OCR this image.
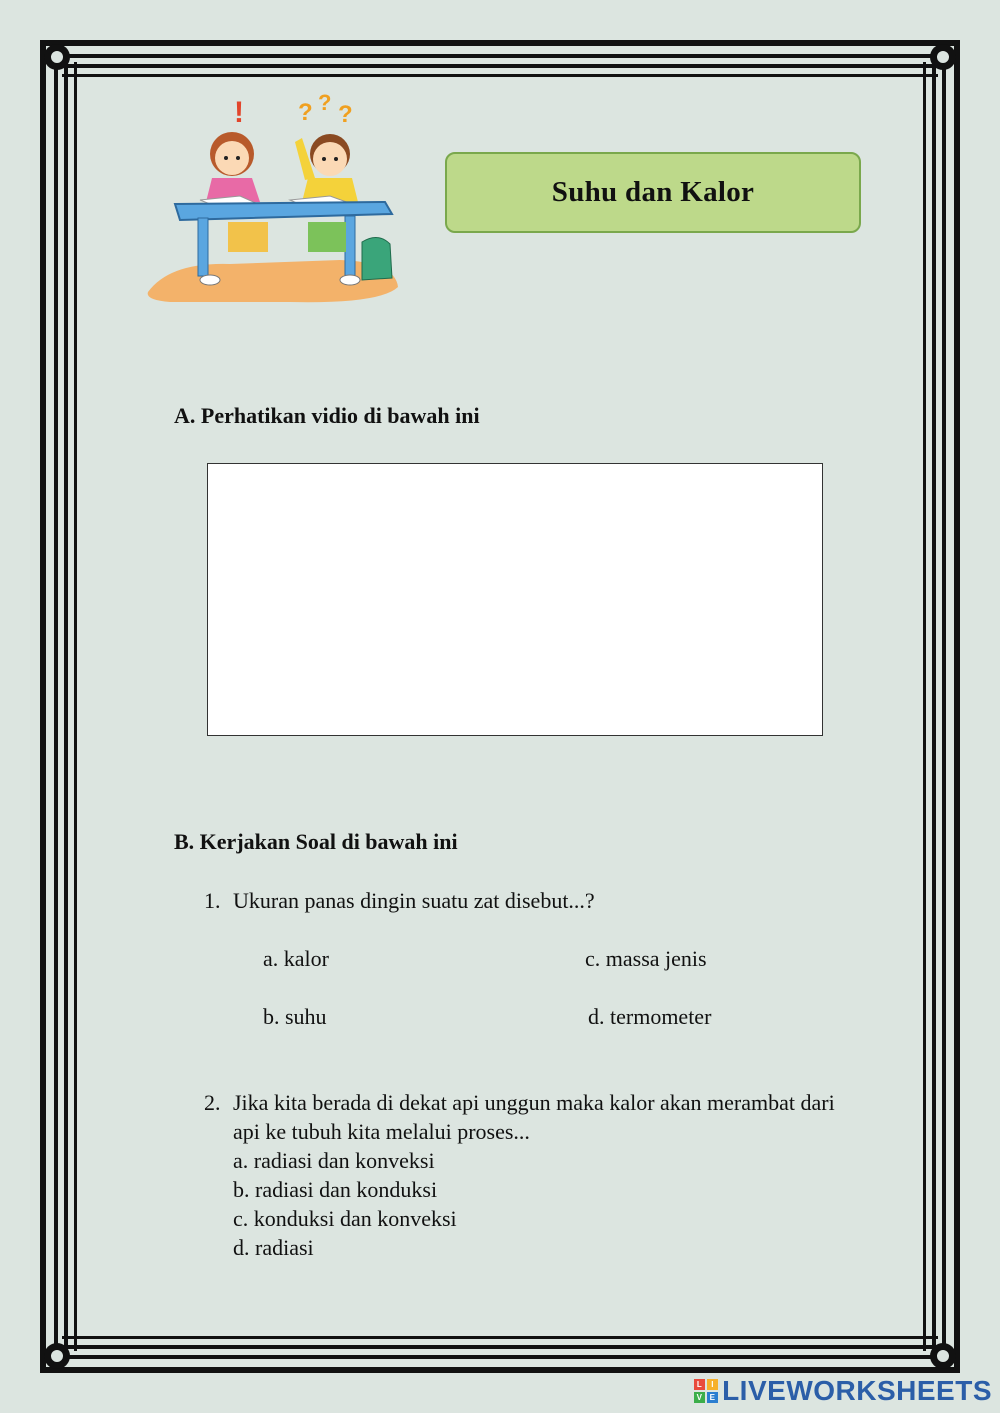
! ? ? ?
Suhu dan Kalor
A. Perhatikan vidio di bawah ini
B. Kerjakan Soal di bawah ini
1. Ukuran panas dingin suatu zat disebut...?
a. kalor	c. massa jenis
b. suhu	d. termometer
2. Jika kita berada di dekat api unggun maka kalor akan merambat dari
api ke tubuh kita melalui proses...
a. radiasi dan konveksi
b. radiasi dan konduksi
c. konduksi dan konveksi
d. radiasi
L	I
V E LIVEWORKSHEETS
